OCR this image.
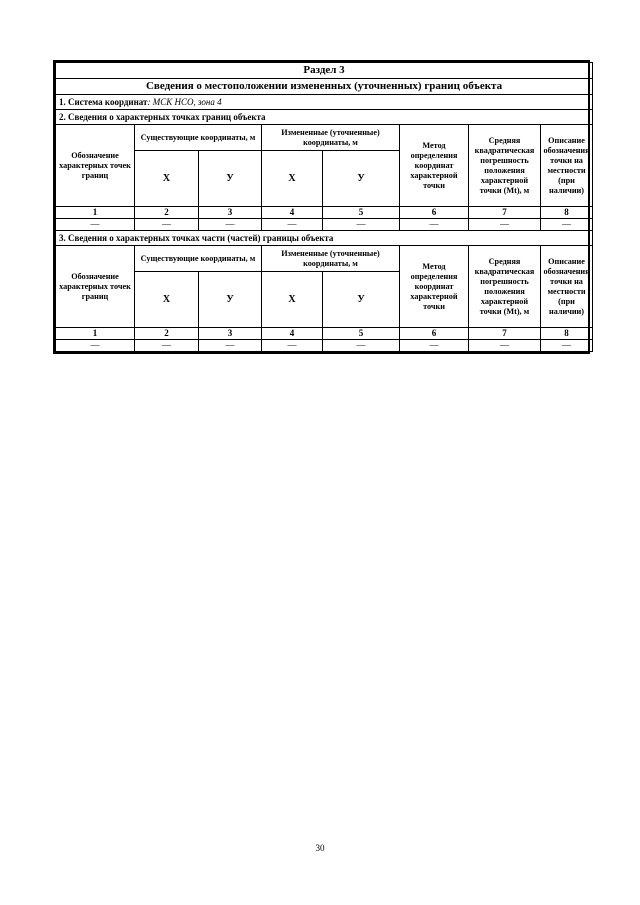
Раздел 3							
Сведения о местоположении измененных (уточненных) границ объекта							
1. Система координат: МСК НСО, зона 4							
2. Сведения о характерных точках границ объекта							
Обозначение характерных точек границ	Существующие координаты, м		Измененные (уточненные) координаты, м		Метод определения координат характерной точки	Средняя квадратическая погрешность положения характерной точки (Mt), м	Описание обозначения точки на местности (при наличии)
	Х	У	Х	У			
1	2	3	4	5	6	7	8
—	—	—	—	—	—	—	—
3. Сведения о характерных точках части (частей) границы объекта							
Обозначение характерных точек границ	Существующие координаты, м		Измененные (уточненные) координаты, м		Метод определения координат характерной точки	Средняя квадратическая погрешность положения характерной точки (Mt), м	Описание обозначения точки на местности (при наличии)
	Х	У	Х	У			
1	2	3	4	5	6	7	8
—	—	—	—	—	—	—	—
30
